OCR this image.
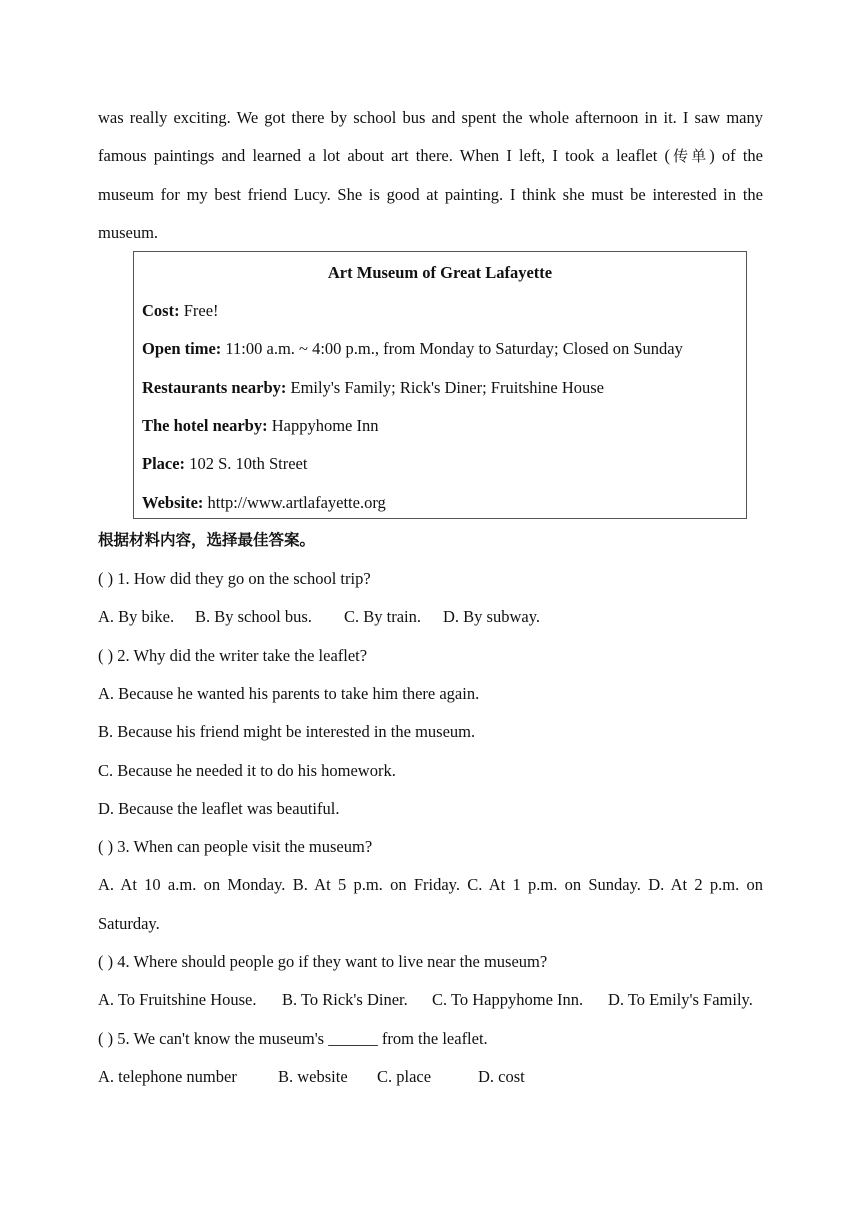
was really exciting. We got there by school bus and spent the whole afternoon in it. I saw many
famous paintings and learned a lot about art there. When I left, I took a leaflet (传单) of the
museum for my best friend Lucy. She is good at painting. I think she must be interested in the
museum.
Art Museum of Great Lafayette
Cost: Free!
Open time: 11:00 a.m. ~ 4:00 p.m., from Monday to Saturday; Closed on Sunday
Restaurants nearby: Emily's Family; Rick's Diner; Fruitshine House
The hotel nearby: Happyhome Inn
Place: 102 S. 10th Street
Website: http://www.artlafayette.org
根据材料内容，选择最佳答案。
( ) 1. How did they go on the school trip?
A. By bike. B. By school bus. C. By train. D. By subway.
( ) 2. Why did the writer take the leaflet?
A. Because he wanted his parents to take him there again.
B. Because his friend might be interested in the museum.
C. Because he needed it to do his homework.
D. Because the leaflet was beautiful.
( ) 3. When can people visit the museum?
A. At 10 a.m. on Monday. B. At 5 p.m. on Friday. C. At 1 p.m. on Sunday. D. At 2 p.m. on
Saturday.
( ) 4. Where should people go if they want to live near the museum?
A. To Fruitshine House. B. To Rick's Diner. C. To Happyhome Inn. D. To Emily's Family.
( ) 5. We can't know the museum's ______ from the leaflet.
A. telephone number B. website C. place	D. cost
